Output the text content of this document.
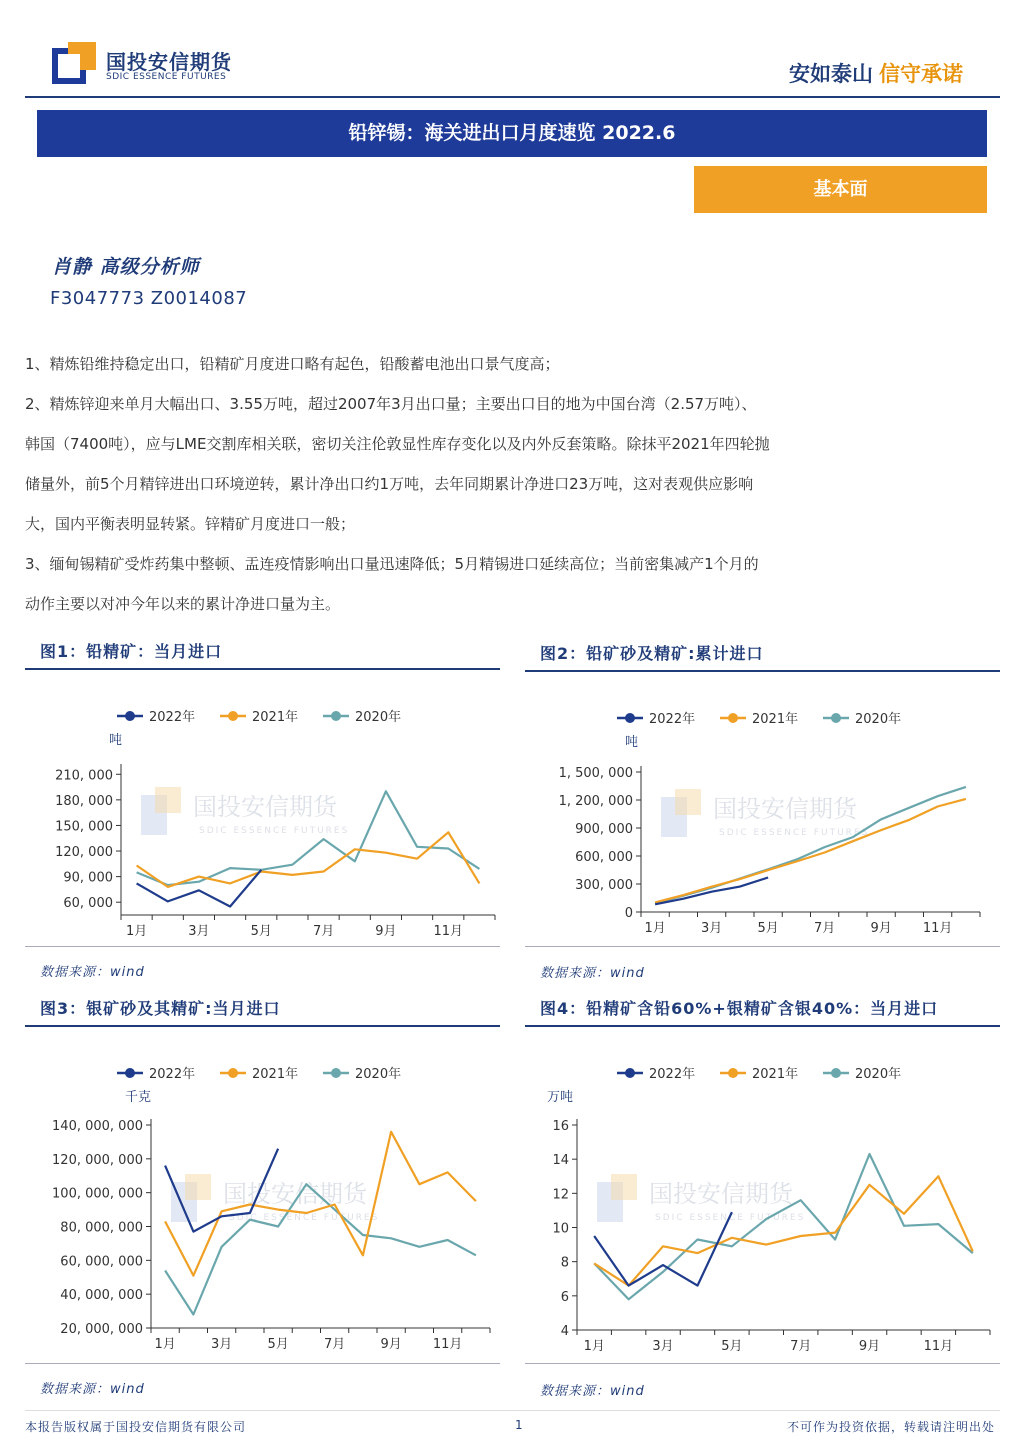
国投安信期货
SDIC ESSENCE FUTURES	安如泰山 信守承诺
铅锌锡：海关进出口月度速览 2022.6
基本面
肖静 高级分析师
F3047773 Z0014087

1、精炼铅维持稳定出口，铅精矿月度进口略有起色，铅酸蓄电池出口景气度高；

2、精炼锌迎来单月大幅出口、3.55万吨，超过2007年3月出口量；主要出口目的地为中国台湾（2.57万吨）、

韩国（7400吨），应与LME交割库相关联，密切关注伦敦显性库存变化以及内外反套策略。除抹平2021年四轮抛

储量外，前5个月精锌进出口环境逆转，累计净出口约1万吨，去年同期累计净进口23万吨，这对表观供应影响

大，国内平衡表明显转紧。锌精矿月度进口一般；

3、缅甸锡精矿受炸药集中整顿、盂连疫情影响出口量迅速降低；5月精锡进口延续高位；当前密集减产1个月的

动作主要以对冲今年以来的累计净进口量为主。

图1：铅精矿：当月进口
国投安信期货
SDIC ESSENCE FUTURES
2022年	2021年	2020年
吨
60, 000
90, 000
120, 000
150, 000
180, 000
210, 000
1月	3月	5月	7月	9月	11月
数据来源：wind
图2：铅矿砂及精矿:累计进口
国投安信期货
SDIC ESSENCE FUTURES
2022年	2021年	2020年
吨
0
300, 000
600, 000
900, 000
1, 200, 000
1, 500, 000
1月	3月	5月	7月	9月 11月
数据来源：wind
图3：银矿砂及其精矿:当月进口
国投安信期货
SDIC ESSENCE FUTURES
2022年	2021年	2020年
千克
20, 000, 000
40, 000, 000
60, 000, 000
80, 000, 000
100, 000, 000
120, 000, 000
140, 000, 000
1月	3月	5月	7月	9月 11月
数据来源：wind
图4：铅精矿含铅60%+银精矿含银40%：当月进口
国投安信期货
SDIC ESSENCE FUTURES
2022年	2021年	2020年
万吨
4
6
8
10
12
14
16
1月	3月	5月	7月	9月	11月
数据来源：wind
本报告版权属于国投安信期货有限公司	1	不可作为投资依据，转载请注明出处
